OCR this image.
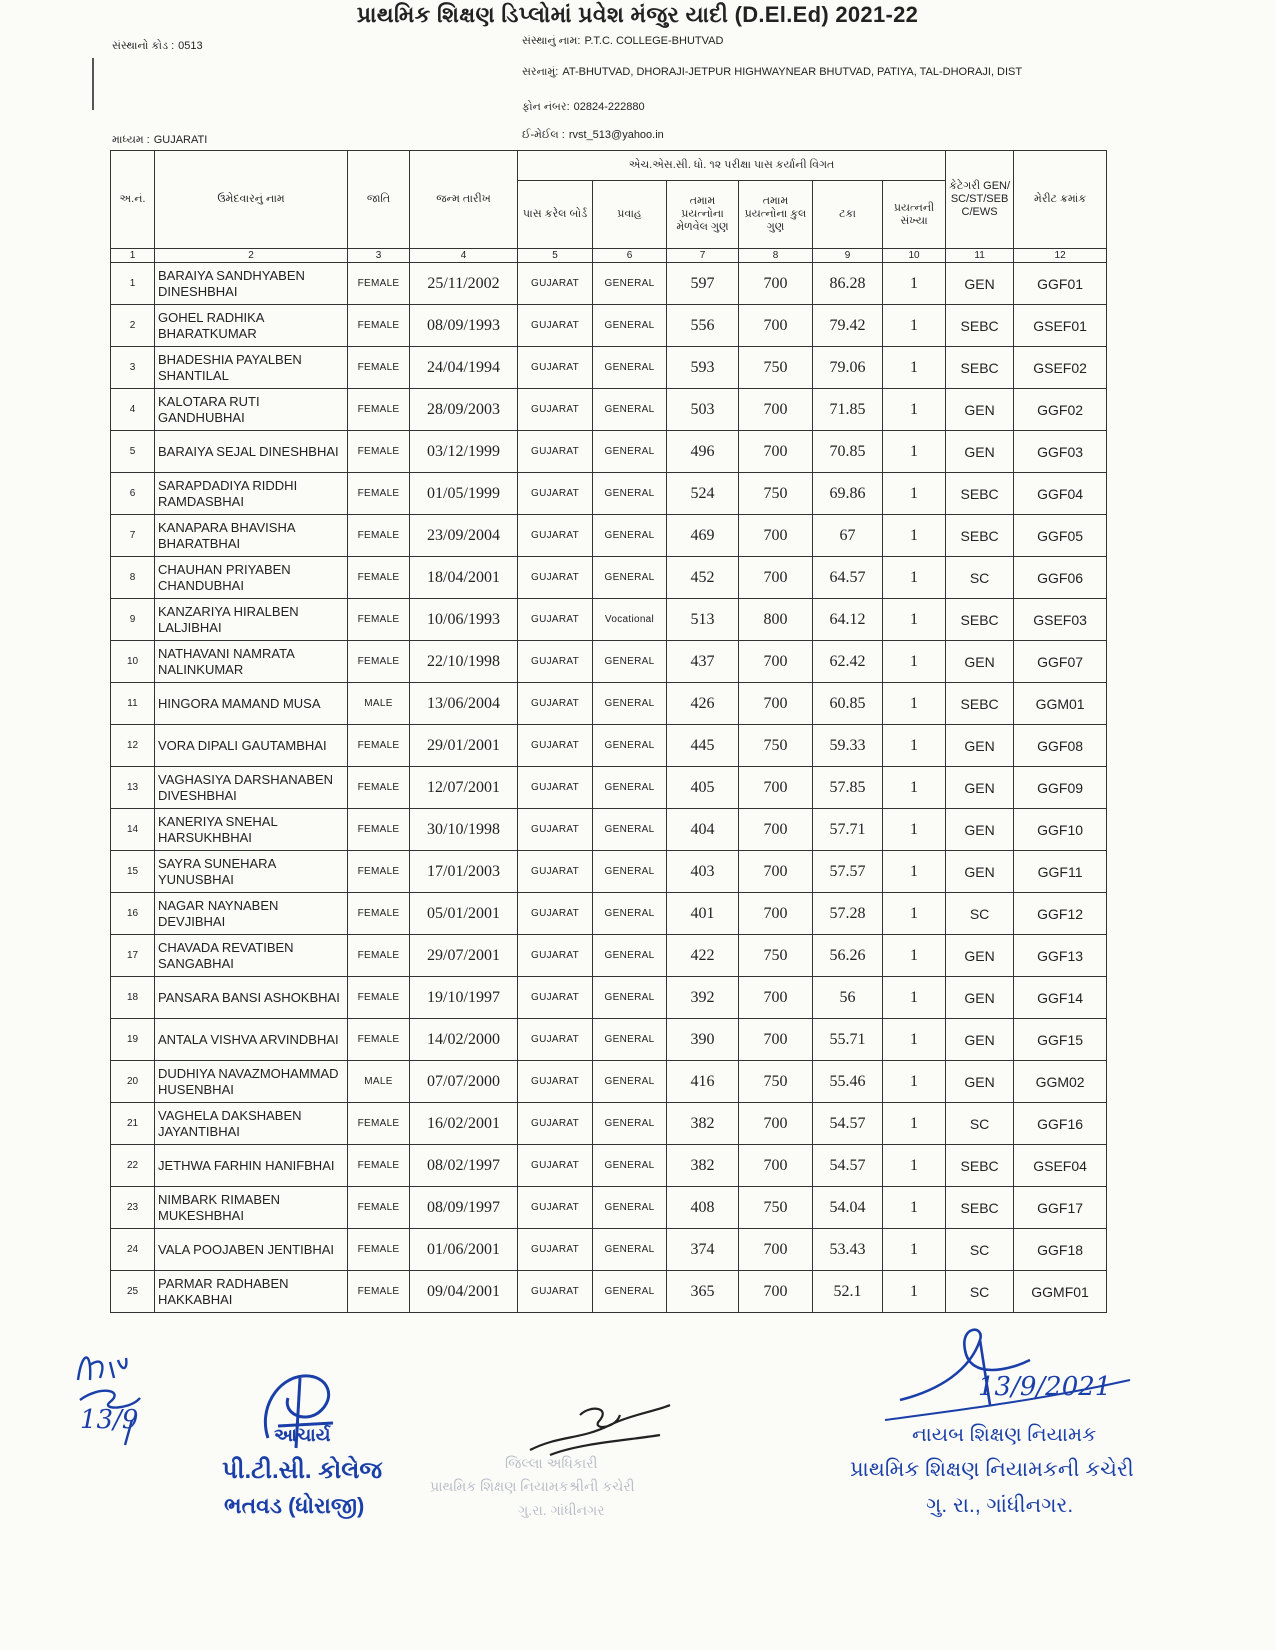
પ્રાથમિક શિક્ષણ ડિપ્લોમાં પ્રવેશ મંજુર યાદી (D.El.Ed) 2021-22
સંસ્થાનો કોડ : 0513	સંસ્થાનું નામ: P.T.C. COLLEGE-BHUTVAD
સરનામું: AT-BHUTVAD, DHORAJI-JETPUR HIGHWAYNEAR BHUTVAD, PATIYA, TAL-DHORAJI, DIST
ફોન નંબર: 02824-222880
માધ્યમ : GUJARATI	ઈ-મેઈલ : rvst_513@yahoo.in
અ.નં.	ઉમેદવારનું નામ	જાતિ	જન્મ તારીખ	એચ.એસ.સી. ધો. ૧૨ પરીક્ષા પાસ કર્યાની વિગત						કેટેગરી GEN/SC/ST/SEBC/EWS	મેરીટ ક્રમાંક
				પાસ કરેલ બોર્ડ	પ્રવાહ	તમામ પ્રયત્નોના મેળવેલ ગુણ	તમામ પ્રયત્નોના કુલ ગુણ	ટકા	પ્રયત્નની સંખ્યા		
1	2	3	4	5	6	7	8	9	10	11	12
1	BARAIYA SANDHYABEN DINESHBHAI	FEMALE	25/11/2002	GUJARAT	GENERAL	597	700	86.28	1	GEN	GGF01
2	GOHEL RADHIKA BHARATKUMAR	FEMALE	08/09/1993	GUJARAT	GENERAL	556	700	79.42	1	SEBC	GSEF01
3	BHADESHIA PAYALBEN SHANTILAL	FEMALE	24/04/1994	GUJARAT	GENERAL	593	750	79.06	1	SEBC	GSEF02
4	KALOTARA RUTI GANDHUBHAI	FEMALE	28/09/2003	GUJARAT	GENERAL	503	700	71.85	1	GEN	GGF02
5	BARAIYA SEJAL DINESHBHAI	FEMALE	03/12/1999	GUJARAT	GENERAL	496	700	70.85	1	GEN	GGF03
6	SARAPDADIYA RIDDHI RAMDASBHAI	FEMALE	01/05/1999	GUJARAT	GENERAL	524	750	69.86	1	SEBC	GGF04
7	KANAPARA BHAVISHA BHARATBHAI	FEMALE	23/09/2004	GUJARAT	GENERAL	469	700	67	1	SEBC	GGF05
8	CHAUHAN PRIYABEN CHANDUBHAI	FEMALE	18/04/2001	GUJARAT	GENERAL	452	700	64.57	1	SC	GGF06
9	KANZARIYA HIRALBEN LALJIBHAI	FEMALE	10/06/1993	GUJARAT	Vocational	513	800	64.12	1	SEBC	GSEF03
10	NATHAVANI NAMRATA NALINKUMAR	FEMALE	22/10/1998	GUJARAT	GENERAL	437	700	62.42	1	GEN	GGF07
11	HINGORA MAMAND MUSA	MALE	13/06/2004	GUJARAT	GENERAL	426	700	60.85	1	SEBC	GGM01
12	VORA DIPALI GAUTAMBHAI	FEMALE	29/01/2001	GUJARAT	GENERAL	445	750	59.33	1	GEN	GGF08
13	VAGHASIYA DARSHANABEN DIVESHBHAI	FEMALE	12/07/2001	GUJARAT	GENERAL	405	700	57.85	1	GEN	GGF09
14	KANERIYA SNEHAL HARSUKHBHAI	FEMALE	30/10/1998	GUJARAT	GENERAL	404	700	57.71	1	GEN	GGF10
15	SAYRA SUNEHARA YUNUSBHAI	FEMALE	17/01/2003	GUJARAT	GENERAL	403	700	57.57	1	GEN	GGF11
16	NAGAR NAYNABEN DEVJIBHAI	FEMALE	05/01/2001	GUJARAT	GENERAL	401	700	57.28	1	SC	GGF12
17	CHAVADA REVATIBEN SANGABHAI	FEMALE	29/07/2001	GUJARAT	GENERAL	422	750	56.26	1	GEN	GGF13
18	PANSARA BANSI ASHOKBHAI	FEMALE	19/10/1997	GUJARAT	GENERAL	392	700	56	1	GEN	GGF14
19	ANTALA VISHVA ARVINDBHAI	FEMALE	14/02/2000	GUJARAT	GENERAL	390	700	55.71	1	GEN	GGF15
20	DUDHIYA NAVAZMOHAMMAD HUSENBHAI	MALE	07/07/2000	GUJARAT	GENERAL	416	750	55.46	1	GEN	GGM02
21	VAGHELA DAKSHABEN JAYANTIBHAI	FEMALE	16/02/2001	GUJARAT	GENERAL	382	700	54.57	1	SC	GGF16
22	JETHWA FARHIN HANIFBHAI	FEMALE	08/02/1997	GUJARAT	GENERAL	382	700	54.57	1	SEBC	GSEF04
23	NIMBARK RIMABEN MUKESHBHAI	FEMALE	08/09/1997	GUJARAT	GENERAL	408	750	54.04	1	SEBC	GGF17
24	VALA POOJABEN JENTIBHAI	FEMALE	01/06/2001	GUJARAT	GENERAL	374	700	53.43	1	SC	GGF18
25	PARMAR RADHABEN HAKKABHAI	FEMALE	09/04/2001	GUJARAT	GENERAL	365	700	52.1	1	SC	GGMF01
13/9	આચાર્ય
પી.ટી.સી. કોલેજ
ભતવડ (ધોરાજી)
જિલ્લા અધિકારી
પ્રાથમિક શિક્ષણ નિયામકશ્રીની કચેરી
ગુ.રા. ગાંધીનગર
13/9/2021
નાયબ શિક્ષણ નિયામક
પ્રાથમિક શિક્ષણ નિયામકની કચેરી
ગુ. રા., ગાંધીનગર.
